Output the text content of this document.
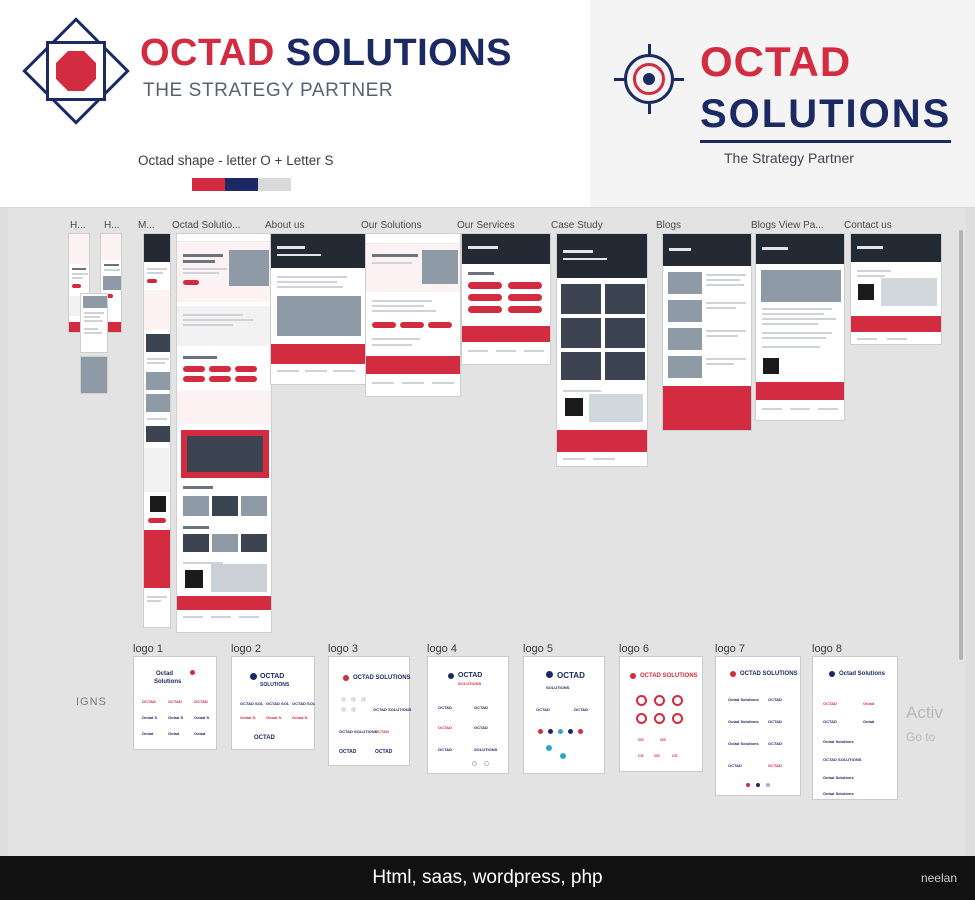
OCTAD SOLUTIONS
THE STRATEGY PARTNER
Octad shape - letter O + Letter S
OCTAD
SOLUTIONS
The Strategy Partner
H... H... M... Octad Solutio... About us	Our Solutions	Our Services	Case Study	Blogs	Blogs View Pa... Contact us
IGNS
logo 1
Octad
Solutions
OCTAD	OCTAD	OCTAD
Octad S	Octad S	Octad S
Octad	Octad	Octad
logo 2
OCTAD
SOLUTIONS
OCTAD SOL OCTAD SOL OCTAD SOL
Octad S. Octad S. Octad S.
OCTAD
logo 3
OCTAD SOLUTIONS
OCTAD SOLUTIONS
OCTAD SOLUTIONS
OCTAD
OCTAD	OCTAD
logo 4
OCTAD
SOLUTIONS
OCTAD	OCTAD
OCTAD	OCTAD
OCTAD	SOLUTIONS
logo 5
OCTAD
SOLUTIONS
OCTAD	OCTAD
logo 6
OCTAD SOLUTIONS
GS	GS
CS	GS	CS
logo 7
OCTAD SOLUTIONS
Octad Solutions OCTAD
Octad Solutions OCTAD
Octad Solutions OCTAD
OCTAD	OCTAD
logo 8
Octad Solutions
OCTAD	Octad
OCTAD	Octad
Octad Solutions
OCTAD SOLUTIONS
Octad Solutions
Octad Solutions
Activ
Go to
Html, saas, wordpress, php	neelan
